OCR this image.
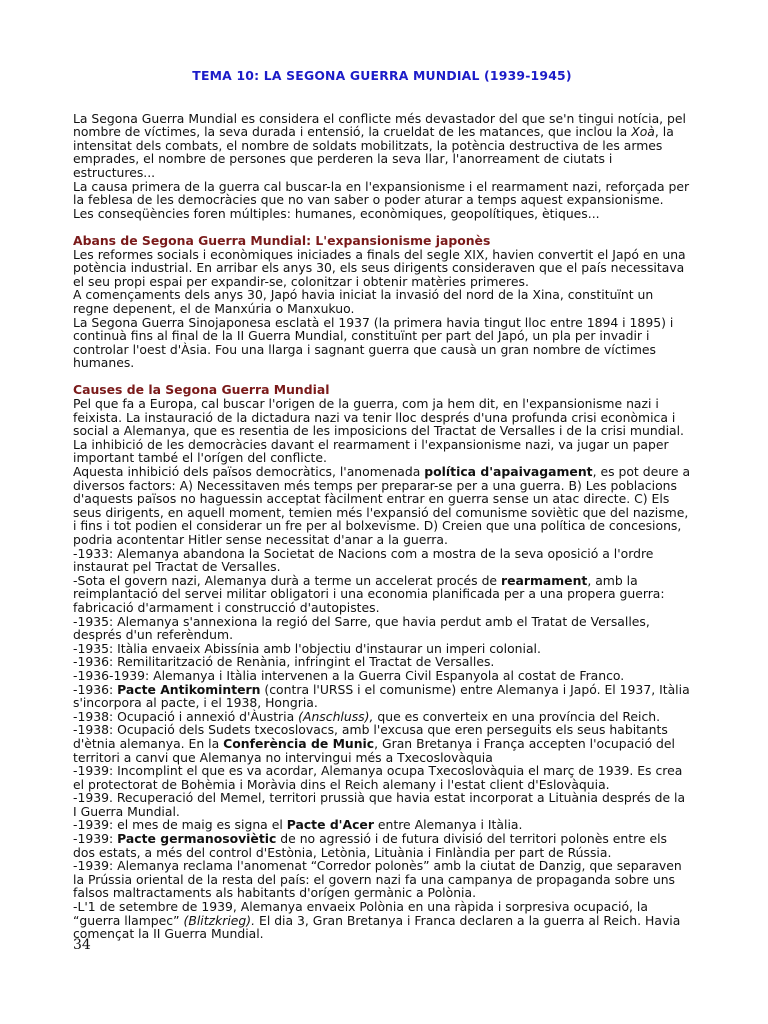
TEMA 10: LA SEGONA GUERRA MUNDIAL (1939-1945)

La Segona Guerra Mundial es considera el conflicte més devastador del que se'n tingui notícia, pel nombre de víctimes, la seva durada i entensió, la crueldat de les matances, que inclou la Xoà, la intensitat dels combats, el nombre de soldats mobilitzats, la potència destructiva de les armes emprades, el nombre de persones que perderen la seva llar, l'anorreament de ciutats i estructures...

La causa primera de la guerra cal buscar-la en l'expansionisme i el rearmament nazi, reforçada per la feblesa de les democràcies que no van saber o poder aturar a temps aquest expansionisme.

Les conseqüències foren múltiples: humanes, econòmiques, geopolítiques, ètiques...

Abans de Segona Guerra Mundial: L'expansionisme japonès

Les reformes socials i econòmiques iniciades a finals del segle XIX, havien convertit el Japó en una potència industrial. En arribar els anys 30, els seus dirigents consideraven que el país necessitava el seu propi espai per expandir-se, colonitzar i obtenir matèries primeres.

A començaments dels anys 30, Japó havia iniciat la invasió del nord de la Xina, constituïnt un regne depenent, el de Manxúria o Manxukuo.

La Segona Guerra Sinojaponesa esclatà el 1937 (la primera havia tingut lloc entre 1894 i 1895) i continuà fins al final de la II Guerra Mundial, constituïnt per part del Japó, un pla per invadir i controlar l'oest d'Àsia. Fou una llarga i sagnant guerra que causà un gran nombre de víctimes humanes.

Causes de la Segona Guerra Mundial

Pel que fa a Europa, cal buscar l'origen de la guerra, com ja hem dit, en l'expansionisme nazi i feixista. La instauració de la dictadura nazi va tenir lloc després d'una profunda crisi econòmica i social a Alemanya, que es resentia de les imposicions del Tractat de Versalles i de la crisi mundial.

La inhibició de les democràcies davant el rearmament i l'expansionisme nazi, va jugar un paper important també el l'orígen del conflicte.

Aquesta inhibició dels països democràtics, l'anomenada política d'apaivagament, es pot deure a diversos factors: A) Necessitaven més temps per preparar-se per a una guerra. B) Les poblacions d'aquests països no haguessin acceptat fàcilment entrar en guerra sense un atac directe. C) Els seus dirigents, en aquell moment, temien més l'expansió del comunisme soviètic que del nazisme, i fins i tot podien el considerar un fre per al bolxevisme. D) Creien que una política de concesions, podria acontentar Hitler sense necessitat d'anar a la guerra.

-1933: Alemanya abandona la Societat de Nacions com a mostra de la seva oposició a l'ordre instaurat pel Tractat de Versalles.

-Sota el govern nazi, Alemanya durà a terme un accelerat procés de rearmament, amb la reimplantació del servei militar obligatori i una economia planificada per a una propera guerra: fabricació d'armament i construcció d'autopistes.

-1935: Alemanya s'annexiona la regió del Sarre, que havia perdut amb el Tratat de Versalles, després d'un referèndum.

-1935: Itàlia envaeix Abissínia amb l'objectiu d'instaurar un imperi colonial.

-1936: Remilitarització de Renània, infringint el Tractat de Versalles.

-1936-1939: Alemanya i Itàlia intervenen a la Guerra Civil Espanyola al costat de Franco.

-1936: Pacte Antikomintern (contra l'URSS i el comunisme) entre Alemanya i Japó. El 1937, Itàlia s'incorpora al pacte, i el 1938, Hongria.

-1938: Ocupació i annexió d'Àustria (Anschluss), que es converteix en una província del Reich.

-1938: Ocupació dels Sudets txecoslovacs, amb l'excusa que eren perseguits els seus habitants d'ètnia alemanya. En la Conferència de Munic, Gran Bretanya i França accepten l'ocupació del territori a canvi que Alemanya no intervingui més a Txecoslovàquia

-1939: Incomplint el que es va acordar, Alemanya ocupa Txecoslovàquia el març de 1939. Es crea el protectorat de Bohèmia i Moràvia dins el Reich alemany i l'estat client d'Eslovàquia.

-1939. Recuperació del Memel, territori prussià que havia estat incorporat a Lituània després de la I Guerra Mundial.

-1939: el mes de maig es signa el Pacte d'Acer entre Alemanya i Itàlia.

-1939: Pacte germanosoviètic de no agressió i de futura divisió del territori polonès entre els dos estats, a més del control d'Estònia, Letònia, Lituània i Finlàndia per part de Rússia.

-1939: Alemanya reclama l'anomenat “Corredor polonès” amb la ciutat de Danzig, que separaven la Prússia oriental de la resta del país: el govern nazi fa una campanya de propaganda sobre uns falsos maltractaments als habitants d'orígen germànic a Polònia.

-L'1 de setembre de 1939, Alemanya envaeix Polònia en una ràpida i sorpresiva ocupació, la “guerra llampec” (Blitzkrieg). El dia 3, Gran Bretanya i Franca declaren a la guerra al Reich. Havia començat la II Guerra Mundial.

34
